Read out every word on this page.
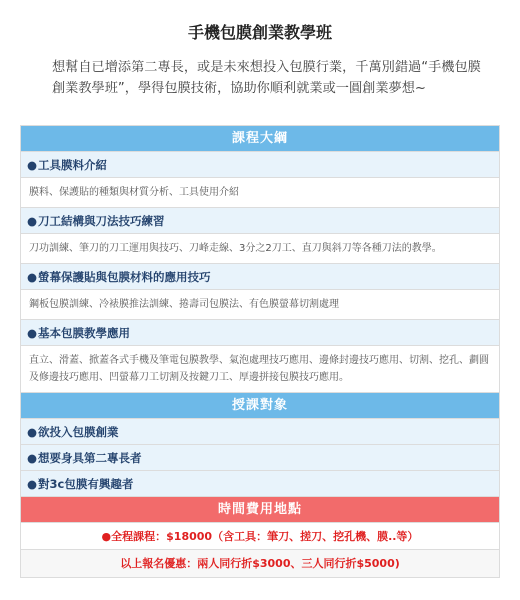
手機包膜創業教學班
想幫自已增添第二專長，或是未來想投入包膜行業，千萬別錯過“手機包膜創業教學班”，學得包膜技術，協助你順利就業或一圓創業夢想~
課程大綱
●工具膜料介紹
膜料、保護貼的種類與材質分析、工具使用介紹
●刀工結構與刀法技巧練習
刀功訓練、筆刀的刀工運用與技巧、刀峰走線、3分之2刀工、直刀與斜刀等各種刀法的教學。
●螢幕保護貼與包膜材料的應用技巧
鋼板包膜訓練、冷裱膜推法訓練、捲壽司包膜法、有色膜螢幕切割處理
●基本包膜教學應用
直立、滑蓋、掀蓋各式手機及筆電包膜教學、氣泡處理技巧應用、邊條封邊技巧應用、切割、挖孔、劃圓及修邊技巧應用、凹螢幕刀工切割及按鍵刀工、厚邊拼接包膜技巧應用。
授課對象
●欲投入包膜創業
●想要身具第二專長者
●對3c包膜有興趣者
時間費用地點
●全程課程：$18000（含工具：筆刀、搓刀、挖孔機、膜..等）
以上報名優惠：兩人同行折$3000、三人同行折$5000)
